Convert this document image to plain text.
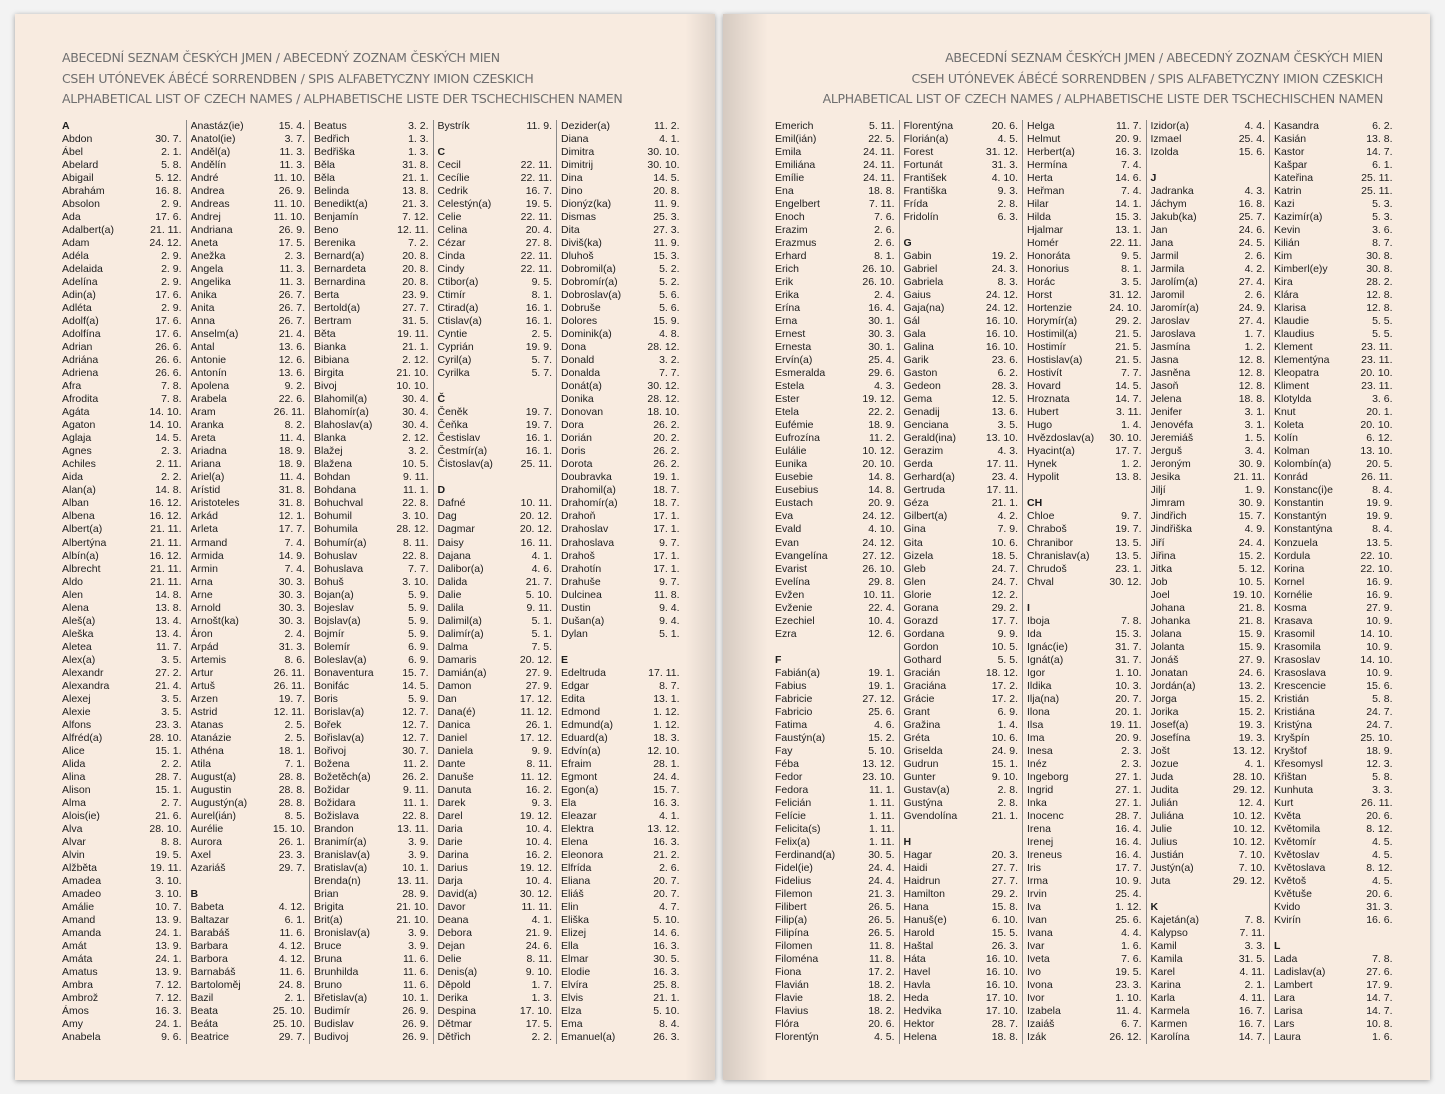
ABECEDNÍ SEZNAM ČESKÝCH JMEN / ABECEDNÝ ZOZNAM ČESKÝCH MIEN
CSEH UTÓNEVEK ÁBÉCÉ SORRENDBEN / SPIS ALFABETYCZNY IMION CZESKICH
ALPHABETICAL LIST OF CZECH NAMES / ALPHABETISCHE LISTE DER TSCHECHISCHEN NAMEN
A
Abdon	30. 7.
Ábel	2. 1.
Abelard	5. 8.
Abigail	5. 12.
Abrahám	16. 8.
Absolon	2. 9.
Ada	17. 6.
Adalbert(a)	21. 11.
Adam	24. 12.
Adéla	2. 9.
Adelaida	2. 9.
Adelína	2. 9.
Adin(a)	17. 6.
Adléta	2. 9.
Adolf(a)	17. 6.
Adolfína	17. 6.
Adrian	26. 6.
Adriána	26. 6.
Adriena	26. 6.
Afra	7. 8.
Afrodita	7. 8.
Agáta	14. 10.
Agaton	14. 10.
Aglaja	14. 5.
Agnes	2. 3.
Achiles	2. 11.
Aida	2. 2.
Alan(a)	14. 8.
Alban	16. 12.
Albena	16. 12.
Albert(a)	21. 11.
Albertýna	21. 11.
Albín(a)	16. 12.
Albrecht	21. 11.
Aldo	21. 11.
Alen	14. 8.
Alena	13. 8.
Aleš(a)	13. 4.
Aleška	13. 4.
Aletea	11. 7.
Alex(a)	3. 5.
Alexandr	27. 2.
Alexandra	21. 4.
Alexej	3. 5.
Alexie	3. 5.
Alfons	23. 3.
Alfréd(a)	28. 10.
Alice	15. 1.
Alida	2. 2.
Alina	28. 7.
Alison	15. 1.
Alma	2. 7.
Alois(ie)	21. 6.
Alva	28. 10.
Alvar	8. 8.
Alvin	19. 5.
Alžběta	19. 11.
Amadea	3. 10.
Amadeo	3. 10.
Amálie	10. 7.
Amand	13. 9.
Amanda	24. 1.
Amát	13. 9.
Amáta	24. 1.
Amatus	13. 9.
Ambra	7. 12.
Ambrož	7. 12.
Ámos	16. 3.
Amy	24. 1.
Anabela	9. 6.
Anastáz(ie)	15. 4.
Anatol(ie)	3. 7.
Anděl(a)	11. 3.
Andělín	11. 3.
André	11. 10.
Andrea	26. 9.
Andreas	11. 10.
Andrej	11. 10.
Andriana	26. 9.
Aneta	17. 5.
Anežka	2. 3.
Angela	11. 3.
Angelika	11. 3.
Anika	26. 7.
Anita	26. 7.
Anna	26. 7.
Anselm(a)	21. 4.
Antal	13. 6.
Antonie	12. 6.
Antonín	13. 6.
Apolena	9. 2.
Arabela	22. 6.
Aram	26. 11.
Aranka	8. 2.
Areta	11. 4.
Ariadna	18. 9.
Ariana	18. 9.
Ariel(a)	11. 4.
Arístid	31. 8.
Aristoteles	31. 8.
Arkád	12. 1.
Arleta	17. 7.
Armand	7. 4.
Armida	14. 9.
Armin	7. 4.
Arna	30. 3.
Arne	30. 3.
Arnold	30. 3.
Arnošt(ka)	30. 3.
Áron	2. 4.
Arpád	31. 3.
Artemis	8. 6.
Artur	26. 11.
Artuš	26. 11.
Arzen	19. 7.
Astrid	12. 11.
Atanas	2. 5.
Atanázie	2. 5.
Athéna	18. 1.
Atila	7. 1.
August(a)	28. 8.
Augustin	28. 8.
Augustýn(a)	28. 8.
Aurel(ián)	8. 5.
Aurélie	15. 10.
Aurora	26. 1.
Axel	23. 3.
Azariáš	29. 7.
B
Babeta	4. 12.
Baltazar	6. 1.
Barabáš	11. 6.
Barbara	4. 12.
Barbora	4. 12.
Barnabáš	11. 6.
Bartoloměj	24. 8.
Bazil	2. 1.
Beata	25. 10.
Beáta	25. 10.
Beatrice	29. 7.
Beatus	3. 2.
Bedřich	1. 3.
Bedřiška	1. 3.
Běla	31. 8.
Běla	21. 1.
Belinda	13. 8.
Benedikt(a)	21. 3.
Benjamín	7. 12.
Beno	12. 11.
Berenika	7. 2.
Bernard(a)	20. 8.
Bernardeta	20. 8.
Bernardina	20. 8.
Berta	23. 9.
Bertold(a)	27. 7.
Bertram	31. 5.
Běta	19. 11.
Bianka	21. 1.
Bibiana	2. 12.
Birgita	21. 10.
Bivoj	10. 10.
Blahomil(a)	30. 4.
Blahomír(a)	30. 4.
Blahoslav(a)	30. 4.
Blanka	2. 12.
Blažej	3. 2.
Blažena	10. 5.
Bohdan	9. 11.
Bohdana	11. 1.
Bohuchval	22. 8.
Bohumil	3. 10.
Bohumila	28. 12.
Bohumír(a)	8. 11.
Bohuslav	22. 8.
Bohuslava	7. 7.
Bohuš	3. 10.
Bojan(a)	5. 9.
Bojeslav	5. 9.
Bojslav(a)	5. 9.
Bojmír	5. 9.
Bolemír	6. 9.
Boleslav(a)	6. 9.
Bonaventura	15. 7.
Bonifác	14. 5.
Boris	5. 9.
Borislav(a)	12. 7.
Bořek	12. 7.
Bořislav(a)	12. 7.
Bořivoj	30. 7.
Božena	11. 2.
Božetěch(a)	26. 2.
Božidar	9. 11.
Božidara	11. 1.
Božislava	22. 8.
Brandon	13. 11.
Branimír(a)	3. 9.
Branislav(a)	3. 9.
Bratislav(a)	10. 1.
Brenda(n)	13. 11.
Brian	28. 9.
Brigita	21. 10.
Brit(a)	21. 10.
Bronislav(a)	3. 9.
Bruce	3. 9.
Bruna	11. 6.
Brunhilda	11. 6.
Bruno	11. 6.
Břetislav(a)	10. 1.
Budimír	26. 9.
Budislav	26. 9.
Budivoj	26. 9.
Bystrík	11. 9.
C
Cecil	22. 11.
Cecílie	22. 11.
Cedrik	16. 7.
Celestýn(a)	19. 5.
Celie	22. 11.
Celina	20. 4.
Cézar	27. 8.
Cinda	22. 11.
Cindy	22. 11.
Ctibor(a)	9. 5.
Ctimír	8. 1.
Ctirad(a)	16. 1.
Ctislav(a)	16. 1.
Cyntie	2. 5.
Cyprián	19. 9.
Cyril(a)	5. 7.
Cyrilka	5. 7.
Č
Čeněk	19. 7.
Čeňka	19. 7.
Čestislav	16. 1.
Čestmír(a)	16. 1.
Čistoslav(a)	25. 11.
D
Dafné	10. 11.
Dag	20. 12.
Dagmar	20. 12.
Daisy	16. 11.
Dajana	4. 1.
Dalibor(a)	4. 6.
Dalida	21. 7.
Dalie	5. 10.
Dalila	9. 11.
Dalimil(a)	5. 1.
Dalimír(a)	5. 1.
Dalma	7. 5.
Damaris	20. 12.
Damián(a)	27. 9.
Damon	27. 9.
Dan	17. 12.
Dana(é)	11. 12.
Danica	26. 1.
Daniel	17. 12.
Daniela	9. 9.
Dante	8. 11.
Danuše	11. 12.
Danuta	16. 2.
Darek	9. 3.
Darel	19. 12.
Daria	10. 4.
Darie	10. 4.
Darina	16. 2.
Darius	19. 12.
Darja	10. 4.
David(a)	30. 12.
Davor	11. 11.
Deana	4. 1.
Debora	21. 9.
Dejan	24. 6.
Delie	8. 11.
Denis(a)	9. 10.
Děpold	1. 7.
Derika	1. 3.
Despina	17. 10.
Dětmar	17. 5.
Dětřich	2. 2.
Dezider(a)	11. 2.
Diana	4. 1.
Dimitra	30. 10.
Dimitrij	30. 10.
Dina	14. 5.
Dino	20. 8.
Dionýz(ka)	11. 9.
Dismas	25. 3.
Dita	27. 3.
Diviš(ka)	11. 9.
Dluhoš	15. 3.
Dobromil(a)	5. 2.
Dobromír(a)	5. 2.
Dobroslav(a)	5. 6.
Dobruše	5. 6.
Dolores	15. 9.
Dominik(a)	4. 8.
Dona	28. 12.
Donald	3. 2.
Donalda	7. 7.
Donát(a)	30. 12.
Donika	28. 12.
Donovan	18. 10.
Dora	26. 2.
Dorián	20. 2.
Doris	26. 2.
Dorota	26. 2.
Doubravka	19. 1.
Drahomil(a)	18. 7.
Drahomír(a)	18. 7.
Drahoň	17. 1.
Drahoslav	17. 1.
Drahoslava	9. 7.
Drahoš	17. 1.
Drahotín	17. 1.
Drahuše	9. 7.
Dulcinea	11. 8.
Dustin	9. 4.
Dušan(a)	9. 4.
Dylan	5. 1.
E
Edeltruda	17. 11.
Edgar	8. 7.
Edita	13. 1.
Edmond	1. 12.
Edmund(a)	1. 12.
Eduard(a)	18. 3.
Edvín(a)	12. 10.
Efraim	28. 1.
Egmont	24. 4.
Egon(a)	15. 7.
Ela	16. 3.
Eleazar	4. 1.
Elektra	13. 12.
Elena	16. 3.
Eleonora	21. 2.
Elfrída	2. 6.
Eliana	20. 7.
Eliáš	20. 7.
Elin	4. 7.
Eliška	5. 10.
Elizej	14. 6.
Ella	16. 3.
Elmar	30. 5.
Elodie	16. 3.
Elvíra	25. 8.
Elvis	21. 1.
Elza	5. 10.
Ema	8. 4.
Emanuel(a)	26. 3.
ABECEDNÍ SEZNAM ČESKÝCH JMEN / ABECEDNÝ ZOZNAM ČESKÝCH MIEN
CSEH UTÓNEVEK ÁBÉCÉ SORRENDBEN / SPIS ALFABETYCZNY IMION CZESKICH
ALPHABETICAL LIST OF CZECH NAMES / ALPHABETISCHE LISTE DER TSCHECHISCHEN NAMEN
Emerich	5. 11.
Emil(ián)	22. 5.
Emila	24. 11.
Emiliána	24. 11.
Emílie	24. 11.
Ena	18. 8.
Engelbert	7. 11.
Enoch	7. 6.
Erazim	2. 6.
Erazmus	2. 6.
Erhard	8. 1.
Erich	26. 10.
Erik	26. 10.
Erika	2. 4.
Erína	16. 4.
Erna	30. 1.
Ernest	30. 3.
Ernesta	30. 1.
Ervín(a)	25. 4.
Esmeralda	29. 6.
Estela	4. 3.
Ester	19. 12.
Etela	22. 2.
Eufémie	18. 9.
Eufrozína	11. 2.
Eulálie	10. 12.
Eunika	20. 10.
Eusebie	14. 8.
Eusebius	14. 8.
Eustach	20. 9.
Eva	24. 12.
Evald	4. 10.
Evan	24. 12.
Evangelína	27. 12.
Evarist	26. 10.
Evelína	29. 8.
Evžen	10. 11.
Evženie	22. 4.
Ezechiel	10. 4.
Ezra	12. 6.
F
Fabián(a)	19. 1.
Fabius	19. 1.
Fabricie	27. 12.
Fabricio	25. 6.
Fatima	4. 6.
Faustýn(a)	15. 2.
Fay	5. 10.
Féba	13. 12.
Fedor	23. 10.
Fedora	11. 1.
Felicián	1. 11.
Felície	1. 11.
Felicita(s)	1. 11.
Felix(a)	1. 11.
Ferdinand(a)	30. 5.
Fidel(ie)	24. 4.
Fidelius	24. 4.
Filemon	21. 3.
Filibert	26. 5.
Filip(a)	26. 5.
Filipína	26. 5.
Filomen	11. 8.
Filoména	11. 8.
Fiona	17. 2.
Flavián	18. 2.
Flavie	18. 2.
Flavius	18. 2.
Flóra	20. 6.
Florentýn	4. 5.
Florentýna	20. 6.
Florián(a)	4. 5.
Forest	31. 12.
Fortunát	31. 3.
František	4. 10.
Františka	9. 3.
Frída	2. 8.
Fridolín	6. 3.
G
Gabin	19. 2.
Gabriel	24. 3.
Gabriela	8. 3.
Gaius	24. 12.
Gaja(na)	24. 12.
Gál	16. 10.
Gala	16. 10.
Galina	16. 10.
Garik	23. 6.
Gaston	6. 2.
Gedeon	28. 3.
Gema	12. 5.
Genadij	13. 6.
Genciana	3. 5.
Gerald(ina)	13. 10.
Gerazim	4. 3.
Gerda	17. 11.
Gerhard(a)	23. 4.
Gertruda	17. 11.
Géza	21. 1.
Gilbert(a)	4. 2.
Gina	7. 9.
Gita	10. 6.
Gizela	18. 5.
Gleb	24. 7.
Glen	24. 7.
Glorie	12. 2.
Gorana	29. 2.
Gorazd	17. 7.
Gordana	9. 9.
Gordon	10. 5.
Gothard	5. 5.
Gracián	18. 12.
Graciána	17. 2.
Grácie	17. 2.
Grant	6. 9.
Gražina	1. 4.
Gréta	10. 6.
Griselda	24. 9.
Gudrun	15. 1.
Gunter	9. 10.
Gustav(a)	2. 8.
Gustýna	2. 8.
Gvendolína	21. 1.
H
Hagar	20. 3.
Haidi	27. 7.
Haidrun	27. 7.
Hamilton	29. 2.
Hana	15. 8.
Hanuš(e)	6. 10.
Harold	15. 5.
Haštal	26. 3.
Háta	16. 10.
Havel	16. 10.
Havla	16. 10.
Heda	17. 10.
Hedvika	17. 10.
Hektor	28. 7.
Helena	18. 8.
Helga	11. 7.
Helmut	20. 9.
Herbert(a)	16. 3.
Hermína	7. 4.
Herta	14. 6.
Heřman	7. 4.
Hilar	14. 1.
Hilda	15. 3.
Hjalmar	13. 1.
Homér	22. 11.
Honoráta	9. 5.
Honorius	8. 1.
Horác	3. 5.
Horst	31. 12.
Hortenzie	24. 10.
Horymír(a)	29. 2.
Hostimil(a)	21. 5.
Hostimír	21. 5.
Hostislav(a)	21. 5.
Hostivít	7. 7.
Hovard	14. 5.
Hroznata	14. 7.
Hubert	3. 11.
Hugo	1. 4.
Hvězdoslav(a) 30. 10.
Hyacint(a)	17. 7.
Hynek	1. 2.
Hypolit	13. 8.
CH
Chloe	9. 7.
Chraboš	19. 7.
Chranibor	13. 5.
Chranislav(a) 13. 5.
Chrudoš	23. 1.
Chval	30. 12.
I
Iboja	7. 8.
Ida	15. 3.
Ignác(ie)	31. 7.
Ignát(a)	31. 7.
Igor	1. 10.
Ildika	10. 3.
Ilja(na)	20. 7.
Ilona	20. 1.
Ilsa	19. 11.
Ima	20. 9.
Inesa	2. 3.
Inéz	2. 3.
Ingeborg	27. 1.
Ingrid	27. 1.
Inka	27. 1.
Inocenc	28. 7.
Irena	16. 4.
Irenej	16. 4.
Ireneus	16. 4.
Iris	17. 7.
Irma	10. 9.
Irvin	25. 4.
Iva	1. 12.
Ivan	25. 6.
Ivana	4. 4.
Ivar	1. 6.
Iveta	7. 6.
Ivo	19. 5.
Ivona	23. 3.
Ivor	1. 10.
Izabela	11. 4.
Izaiáš	6. 7.
Izák	26. 12.
Izidor(a)	4. 4.
Izmael	25. 4.
Izolda	15. 6.
J
Jadranka	4. 3.
Jáchym	16. 8.
Jakub(ka)	25. 7.
Jan	24. 6.
Jana	24. 5.
Jarmil	2. 6.
Jarmila	4. 2.
Jarolím(a)	27. 4.
Jaromil	2. 6.
Jaromír(a)	24. 9.
Jaroslav	27. 4.
Jaroslava	1. 7.
Jasmína	1. 2.
Jasna	12. 8.
Jasněna	12. 8.
Jasoň	12. 8.
Jelena	18. 8.
Jenifer	3. 1.
Jenovéfa	3. 1.
Jeremiáš	1. 5.
Jerguš	3. 4.
Jeroným	30. 9.
Jesika	21. 11.
Jiljí	1. 9.
Jimram	30. 9.
Jindřich	15. 7.
Jindřiška	4. 9.
Jiří	24. 4.
Jiřina	15. 2.
Jitka	5. 12.
Job	10. 5.
Joel	19. 10.
Johana	21. 8.
Johanka	21. 8.
Jolana	15. 9.
Jolanta	15. 9.
Jonáš	27. 9.
Jonatan	24. 6.
Jordán(a)	13. 2.
Jorga	15. 2.
Jorika	15. 2.
Josef(a)	19. 3.
Josefína	19. 3.
Jošt	13. 12.
Jozue	4. 1.
Juda	28. 10.
Judita	29. 12.
Julián	12. 4.
Juliána	10. 12.
Julie	10. 12.
Julius	10. 12.
Justián	7. 10.
Justýn(a)	7. 10.
Juta	29. 12.
K
Kajetán(a)	7. 8.
Kalypso	7. 11.
Kamil	3. 3.
Kamila	31. 5.
Karel	4. 11.
Karina	2. 1.
Karla	4. 11.
Karmela	16. 7.
Karmen	16. 7.
Karolína	14. 7.
Kasandra	6. 2.
Kasián	13. 8.
Kastor	14. 7.
Kašpar	6. 1.
Kateřina	25. 11.
Katrin	25. 11.
Kazi	5. 3.
Kazimír(a)	5. 3.
Kevin	3. 6.
Kilián	8. 7.
Kim	30. 8.
Kimberl(e)y	30. 8.
Kira	28. 2.
Klára	12. 8.
Klarisa	12. 8.
Klaudie	5. 5.
Klaudius	5. 5.
Klement	23. 11.
Klementýna	23. 11.
Kleopatra	20. 10.
Kliment	23. 11.
Klotylda	3. 6.
Knut	20. 1.
Koleta	20. 10.
Kolín	6. 12.
Kolman	13. 10.
Kolombín(a)	20. 5.
Konrád	26. 11.
Konstanc(i)e	8. 4.
Konstantin	19. 9.
Konstantýn	19. 9.
Konstantýna	8. 4.
Konzuela	13. 5.
Kordula	22. 10.
Korina	22. 10.
Kornel	16. 9.
Kornélie	16. 9.
Kosma	27. 9.
Krasava	10. 9.
Krasomil	14. 10.
Krasomila	10. 9.
Krasoslav	14. 10.
Krasoslava	10. 9.
Krescencie	15. 6.
Kristián	5. 8.
Kristiána	24. 7.
Kristýna	24. 7.
Kryšpín	25. 10.
Kryštof	18. 9.
Křesomysl	12. 3.
Křištan	5. 8.
Kunhuta	3. 3.
Kurt	26. 11.
Květa	20. 6.
Květomila	8. 12.
Květomír	4. 5.
Květoslav	4. 5.
Květoslava	8. 12.
Květoš	4. 5.
Květuše	20. 6.
Kvido	31. 3.
Kvirín	16. 6.
L
Lada	7. 8.
Ladislav(a)	27. 6.
Lambert	17. 9.
Lara	14. 7.
Larisa	14. 7.
Lars	10. 8.
Laura	1. 6.
